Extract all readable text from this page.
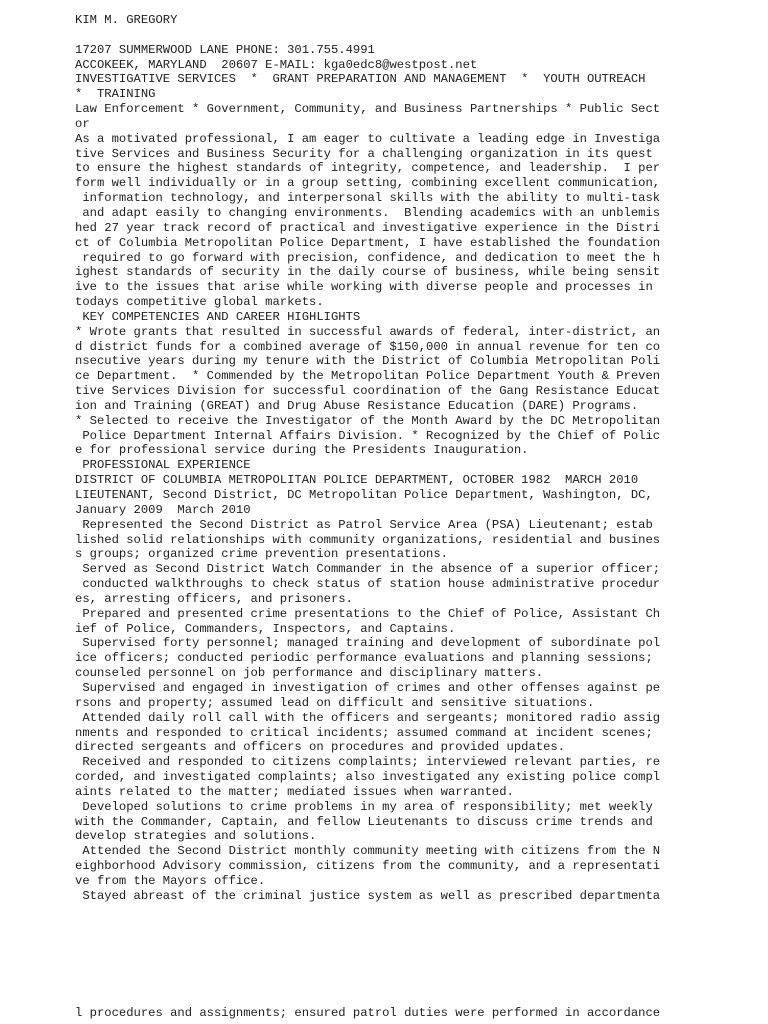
KIM M. GREGORY
17207 SUMMERWOOD LANE PHONE: 301.755.4991
ACCOKEEK, MARYLAND  20607 E-MAIL: kga0edc8@westpost.net
INVESTIGATIVE SERVICES  *  GRANT PREPARATION AND MANAGEMENT  *  YOUTH OUTREACH
*  TRAINING
Law Enforcement * Government, Community, and Business Partnerships * Public Sect
or
As a motivated professional, I am eager to cultivate a leading edge in Investiga
tive Services and Business Security for a challenging organization in its quest
to ensure the highest standards of integrity, competence, and leadership.  I per
form well individually or in a group setting, combining excellent communication,
information technology, and interpersonal skills with the ability to multi-task
and adapt easily to changing environments.  Blending academics with an unblemis
hed 27 year track record of practical and investigative experience in the Distri
ct of Columbia Metropolitan Police Department, I have established the foundation
required to go forward with precision, confidence, and dedication to meet the h
ighest standards of security in the daily course of business, while being sensit
ive to the issues that arise while working with diverse people and processes in
todays competitive global markets.
KEY COMPETENCIES AND CAREER HIGHLIGHTS
* Wrote grants that resulted in successful awards of federal, inter-district, an
d district funds for a combined average of $150,000 in annual revenue for ten co
nsecutive years during my tenure with the District of Columbia Metropolitan Poli
ce Department.  * Commended by the Metropolitan Police Department Youth & Preven
tive Services Division for successful coordination of the Gang Resistance Educat
ion and Training (GREAT) and Drug Abuse Resistance Education (DARE) Programs.
* Selected to receive the Investigator of the Month Award by the DC Metropolitan
Police Department Internal Affairs Division. * Recognized by the Chief of Polic
e for professional service during the Presidents Inauguration.
PROFESSIONAL EXPERIENCE
DISTRICT OF COLUMBIA METROPOLITAN POLICE DEPARTMENT, OCTOBER 1982  MARCH 2010
LIEUTENANT, Second District, DC Metropolitan Police Department, Washington, DC,
January 2009  March 2010
Represented the Second District as Patrol Service Area (PSA) Lieutenant; estab
lished solid relationships with community organizations, residential and busines
s groups; organized crime prevention presentations.
Served as Second District Watch Commander in the absence of a superior officer;
conducted walkthroughs to check status of station house administrative procedur
es, arresting officers, and prisoners.
Prepared and presented crime presentations to the Chief of Police, Assistant Ch
ief of Police, Commanders, Inspectors, and Captains.
Supervised forty personnel; managed training and development of subordinate pol
ice officers; conducted periodic performance evaluations and planning sessions;
counseled personnel on job performance and disciplinary matters.
Supervised and engaged in investigation of crimes and other offenses against pe
rsons and property; assumed lead on difficult and sensitive situations.
Attended daily roll call with the officers and sergeants; monitored radio assig
nments and responded to critical incidents; assumed command at incident scenes;
directed sergeants and officers on procedures and provided updates.
Received and responded to citizens complaints; interviewed relevant parties, re
corded, and investigated complaints; also investigated any existing police compl
aints related to the matter; mediated issues when warranted.
Developed solutions to crime problems in my area of responsibility; met weekly
with the Commander, Captain, and fellow Lieutenants to discuss crime trends and
develop strategies and solutions.
Attended the Second District monthly community meeting with citizens from the N
eighborhood Advisory commission, citizens from the community, and a representati
ve from the Mayors office.
Stayed abreast of the criminal justice system as well as prescribed departmenta
l procedures and assignments; ensured patrol duties were performed in accordance
